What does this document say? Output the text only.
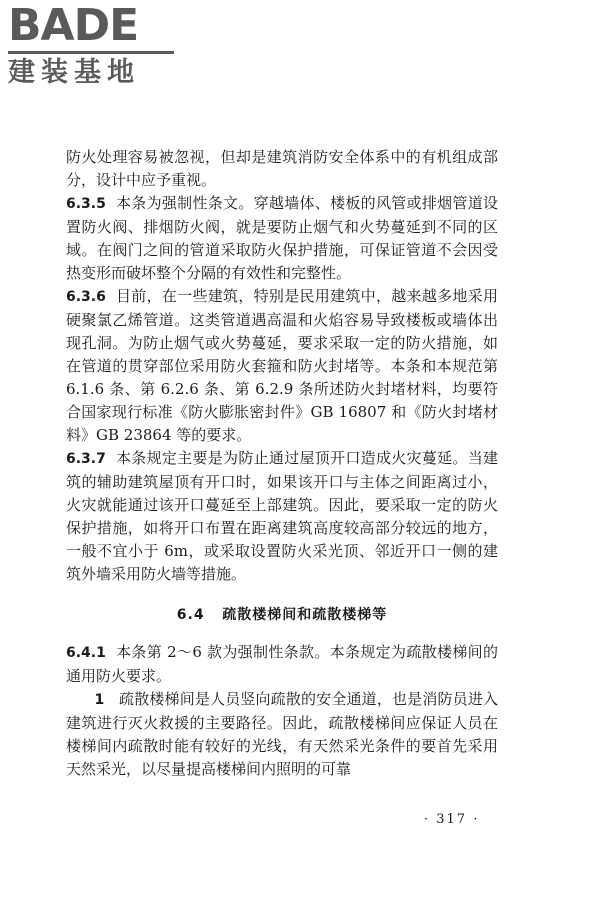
BADE
建装基地

防火处理容易被忽视，但却是建筑消防安全体系中的有机组成部分，设计中应予重视。

6.3.5 本条为强制性条文。穿越墙体、楼板的风管或排烟管道设置防火阀、排烟防火阀，就是要防止烟气和火势蔓延到不同的区域。在阀门之间的管道采取防火保护措施，可保证管道不会因受热变形而破坏整个分隔的有效性和完整性。

6.3.6 目前，在一些建筑，特别是民用建筑中，越来越多地采用硬聚氯乙烯管道。这类管道遇高温和火焰容易导致楼板或墙体出现孔洞。为防止烟气或火势蔓延，要求采取一定的防火措施，如在管道的贯穿部位采用防火套箍和防火封堵等。本条和本规范第 6.1.6 条、第 6.2.6 条、第 6.2.9 条所述防火封堵材料，均要符合国家现行标准《防火膨胀密封件》GB 16807 和《防火封堵材料》GB 23864 等的要求。

6.3.7 本条规定主要是为防止通过屋顶开口造成火灾蔓延。当建筑的辅助建筑屋顶有开口时，如果该开口与主体之间距离过小，火灾就能通过该开口蔓延至上部建筑。因此，要采取一定的防火保护措施，如将开口布置在距离建筑高度较高部分较远的地方，一般不宜小于 6m，或采取设置防火采光顶、邻近开口一侧的建筑外墙采用防火墙等措施。

6.4 疏散楼梯间和疏散楼梯等

6.4.1 本条第 2～6 款为强制性条款。本条规定为疏散楼梯间的通用防火要求。

1 疏散楼梯间是人员竖向疏散的安全通道，也是消防员进入建筑进行灭火救援的主要路径。因此，疏散楼梯间应保证人员在楼梯间内疏散时能有较好的光线，有天然采光条件的要首先采用天然采光，以尽量提高楼梯间内照明的可靠

· 317 ·
